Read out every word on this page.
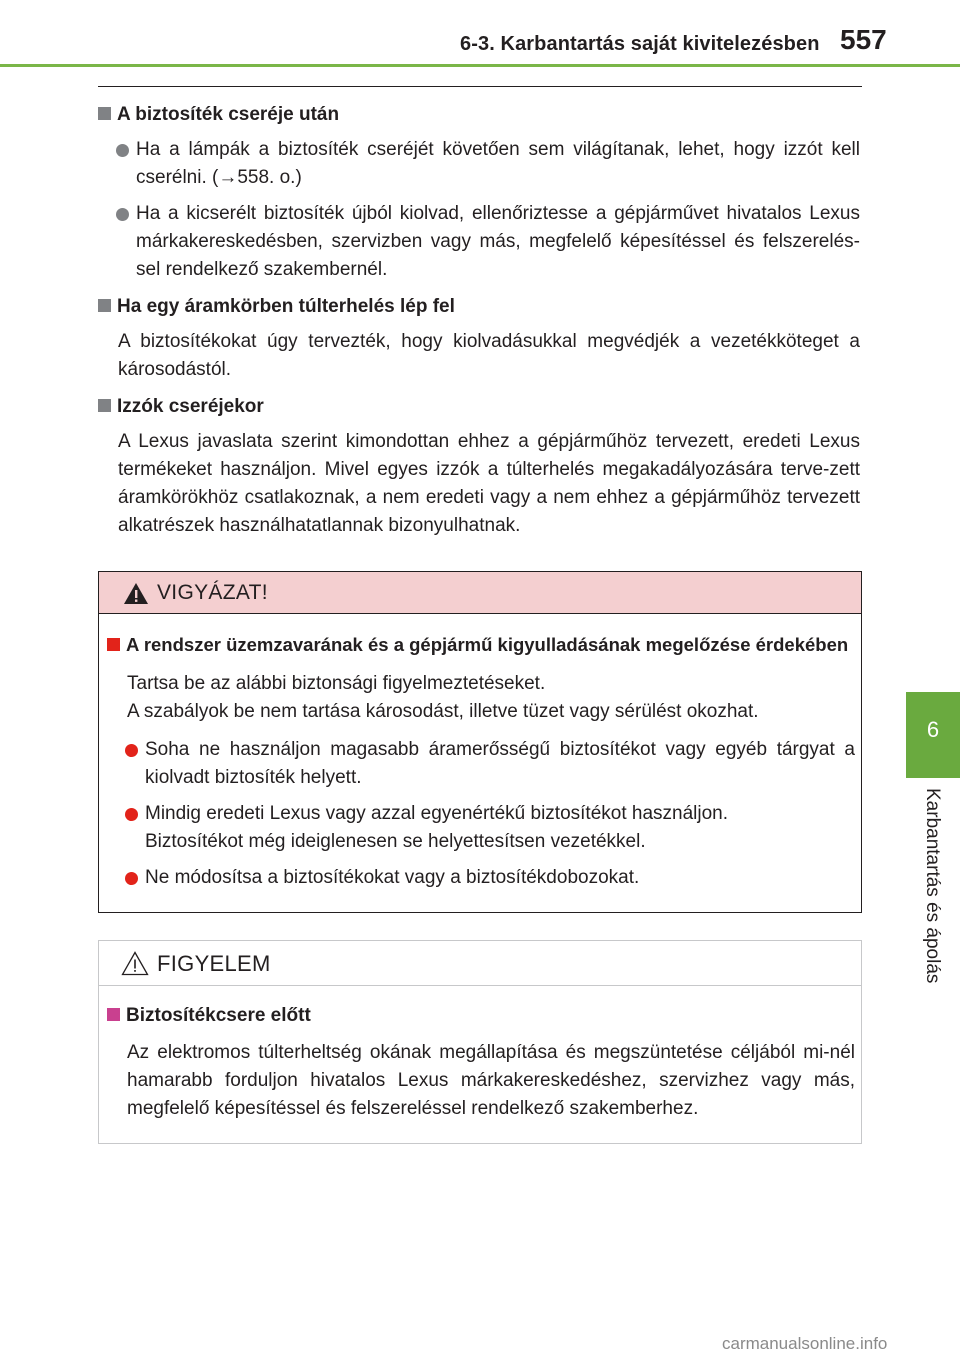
6-3. Karbantartás saját kivitelezésben 557
6
Karbantartás és ápolás
A biztosíték cseréje után
Ha a lámpák a biztosíték cseréjét követően sem világítanak, lehet, hogy izzót kell cserélni. (→558. o.)
Ha a kicserélt biztosíték újból kiolvad, ellenőriztesse a gépjárművet hivatalos Lexus márkakereskedésben, szervizben vagy más, megfelelő képesítéssel és felszerelés-sel rendelkező szakembernél.
Ha egy áramkörben túlterhelés lép fel
A biztosítékokat úgy tervezték, hogy kiolvadásukkal megvédjék a vezetékköteget a károsodástól.
Izzók cseréjekor
A Lexus javaslata szerint kimondottan ehhez a gépjárműhöz tervezett, eredeti Lexus termékeket használjon. Mivel egyes izzók a túlterhelés megakadályozására terve-zett áramkörökhöz csatlakoznak, a nem eredeti vagy a nem ehhez a gépjárműhöz tervezett alkatrészek használhatatlannak bizonyulhatnak.
VIGYÁZAT!
A rendszer üzemzavarának és a gépjármű kigyulladásának megelőzése érdekében
Tartsa be az alábbi biztonsági figyelmeztetéseket.
A szabályok be nem tartása károsodást, illetve tüzet vagy sérülést okozhat.
Soha ne használjon magasabb áramerősségű biztosítékot vagy egyéb tárgyat a kiolvadt biztosíték helyett.
Mindig eredeti Lexus vagy azzal egyenértékű biztosítékot használjon.
Biztosítékot még ideiglenesen se helyettesítsen vezetékkel.
Ne módosítsa a biztosítékokat vagy a biztosítékdobozokat.
FIGYELEM
Biztosítékcsere előtt
Az elektromos túlterheltség okának megállapítása és megszüntetése céljából mi-nél hamarabb forduljon hivatalos Lexus márkakereskedéshez, szervizhez vagy más, megfelelő képesítéssel és felszereléssel rendelkező szakemberhez.
carmanualsonline.info
